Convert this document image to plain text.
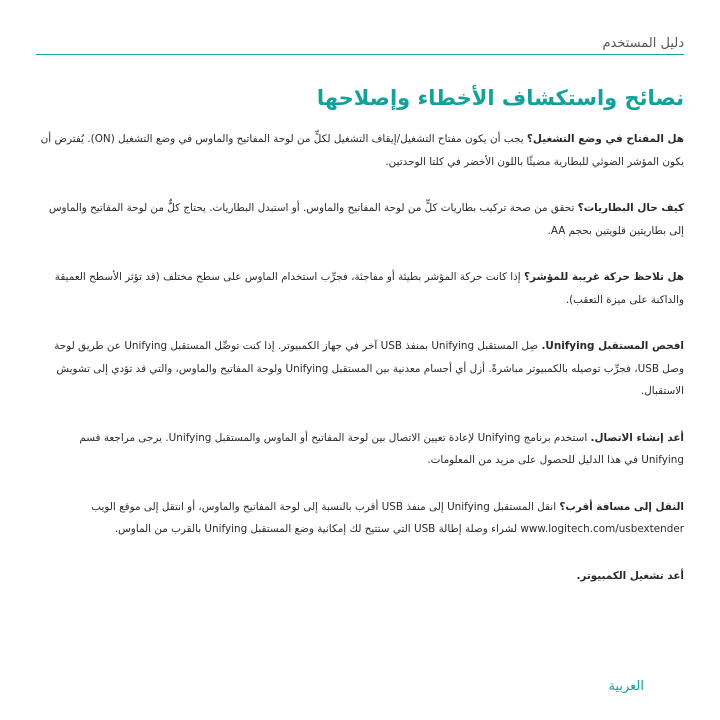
دليل المستخدم
نصائح واستكشاف الأخطاء وإصلاحها

هل المفتاح في وضع التشغيل؟ يجب أن يكون مفتاح التشغيل/إيقاف التشغيل لكلٍّ من لوحة المفاتيح والماوس في وضع التشغيل (ON). يُفترض أن يكون المؤشر الضوئي للبطارية مضيئًا باللون الأخضر في كلتا الوحدتين.

كيف حال البطاريات؟ تحقق من صحة تركيب بطاريات كلٍّ من لوحة المفاتيح والماوس. أو استبدل البطاريات. يحتاج كلٌّ من لوحة المفاتيح والماوس إلى بطاريتين قلويتين بحجم AA.

هل تلاحظ حركة غريبة للمؤشر؟ إذا كانت حركة المؤشر بطيئة أو مفاجئة، فجرِّب استخدام الماوس على سطح مختلف (قد تؤثر الأسطح العميقة والداكنة على ميزة التعقب).

افحص المستقبل Unifying. صِل المستقبل Unifying بمنفذ USB آخر في جهاز الكمبيوتر. إذا كنت توصِّل المستقبل Unifying عن طريق لوحة وصل USB، فجرِّب توصيله بالكمبيوتر مباشرةً. أزل أي أجسام معدنية بين المستقبل Unifying ولوحة المفاتيح والماوس، والتي قد تؤدي إلى تشويش الاستقبال.

أعد إنشاء الاتصال. استخدم برنامج Unifying لإعادة تعيين الاتصال بين لوحة المفاتيح أو الماوس والمستقبل Unifying. يرجى مراجعة قسم Unifying في هذا الدليل للحصول على مزيد من المعلومات.

النقل إلى مسافة أقرب؟ انقل المستقبل Unifying إلى منفذ USB أقرب بالنسبة إلى لوحة المفاتيح والماوس، أو انتقل إلى موقع الويب www.logitech.com/usbextender لشراء وصلة إطالة USB التي ستتيح لك إمكانية وضع المستقبل Unifying بالقرب من الماوس.

أعد تشغيل الكمبيوتر.

العربية
